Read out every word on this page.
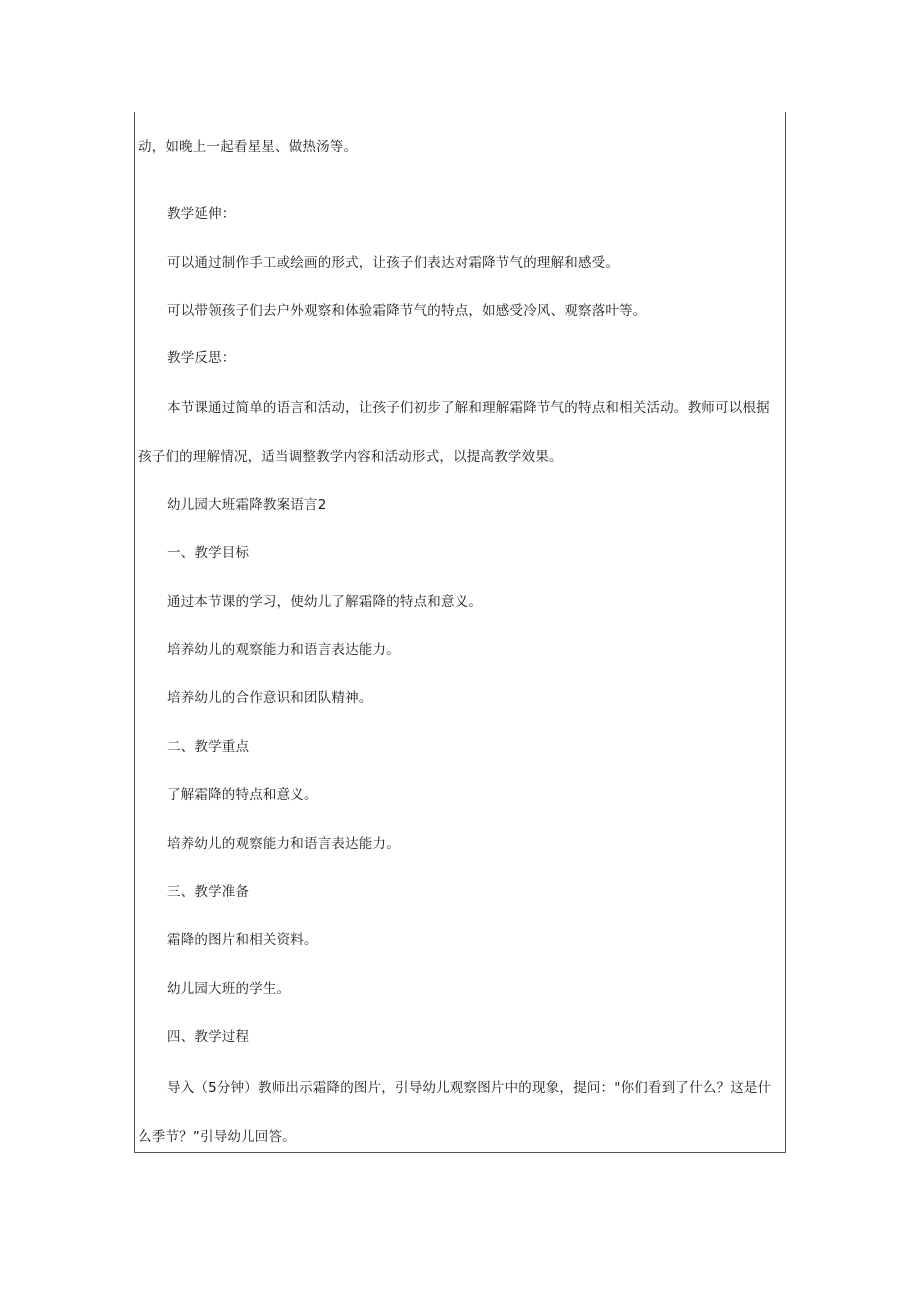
动，如晚上一起看星星、做热汤等。
教学延伸：
可以通过制作手工或绘画的形式，让孩子们表达对霜降节气的理解和感受。
可以带领孩子们去户外观察和体验霜降节气的特点，如感受冷风、观察落叶等。
教学反思：
本节课通过简单的语言和活动，让孩子们初步了解和理解霜降节气的特点和相关活动。教师可以根据
孩子们的理解情况，适当调整教学内容和活动形式，以提高教学效果。
幼儿园大班霜降教案语言2
一、教学目标
通过本节课的学习，使幼儿了解霜降的特点和意义。
培养幼儿的观察能力和语言表达能力。
培养幼儿的合作意识和团队精神。
二、教学重点
了解霜降的特点和意义。
培养幼儿的观察能力和语言表达能力。
三、教学准备
霜降的图片和相关资料。
幼儿园大班的学生。
四、教学过程
导入（5分钟）教师出示霜降的图片，引导幼儿观察图片中的现象，提问："你们看到了什么？这是什
么季节？”引导幼儿回答。
